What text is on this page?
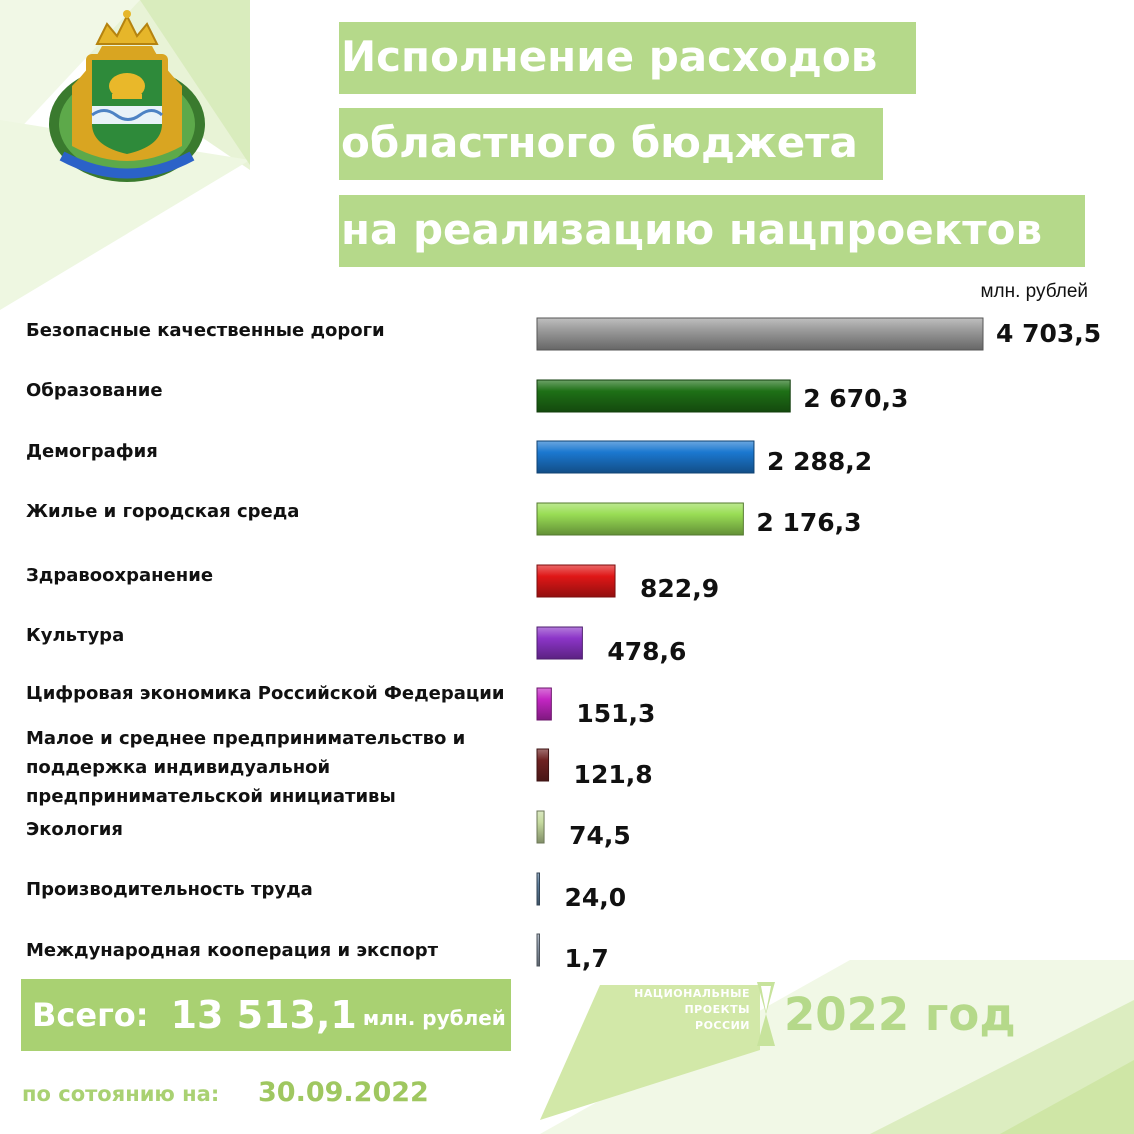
Исполнение расходов
областного бюджета
на реализацию нацпроектов
млн. рублей
Безопасные качественные дороги
Образование
Демография
Жилье и городская среда
Здравоохранение
Культура
Цифровая экономика Российской Федерации
Малое и среднее предпринимательство и
поддержка индивидуальной
предпринимательской инициативы
Экология
Производительность труда
Международная кооперация и экспорт
4 703,5
2 670,3
2 288,2
2 176,3
822,9
478,6
151,3
121,8
74,5
24,0
1,7
Всего: 13 513,1 млн. рублей
по сотоянию на: 30.09.2022
НАЦИОНАЛЬНЫЕ
ПРОЕКТЫ
РОССИИ 2022 год
